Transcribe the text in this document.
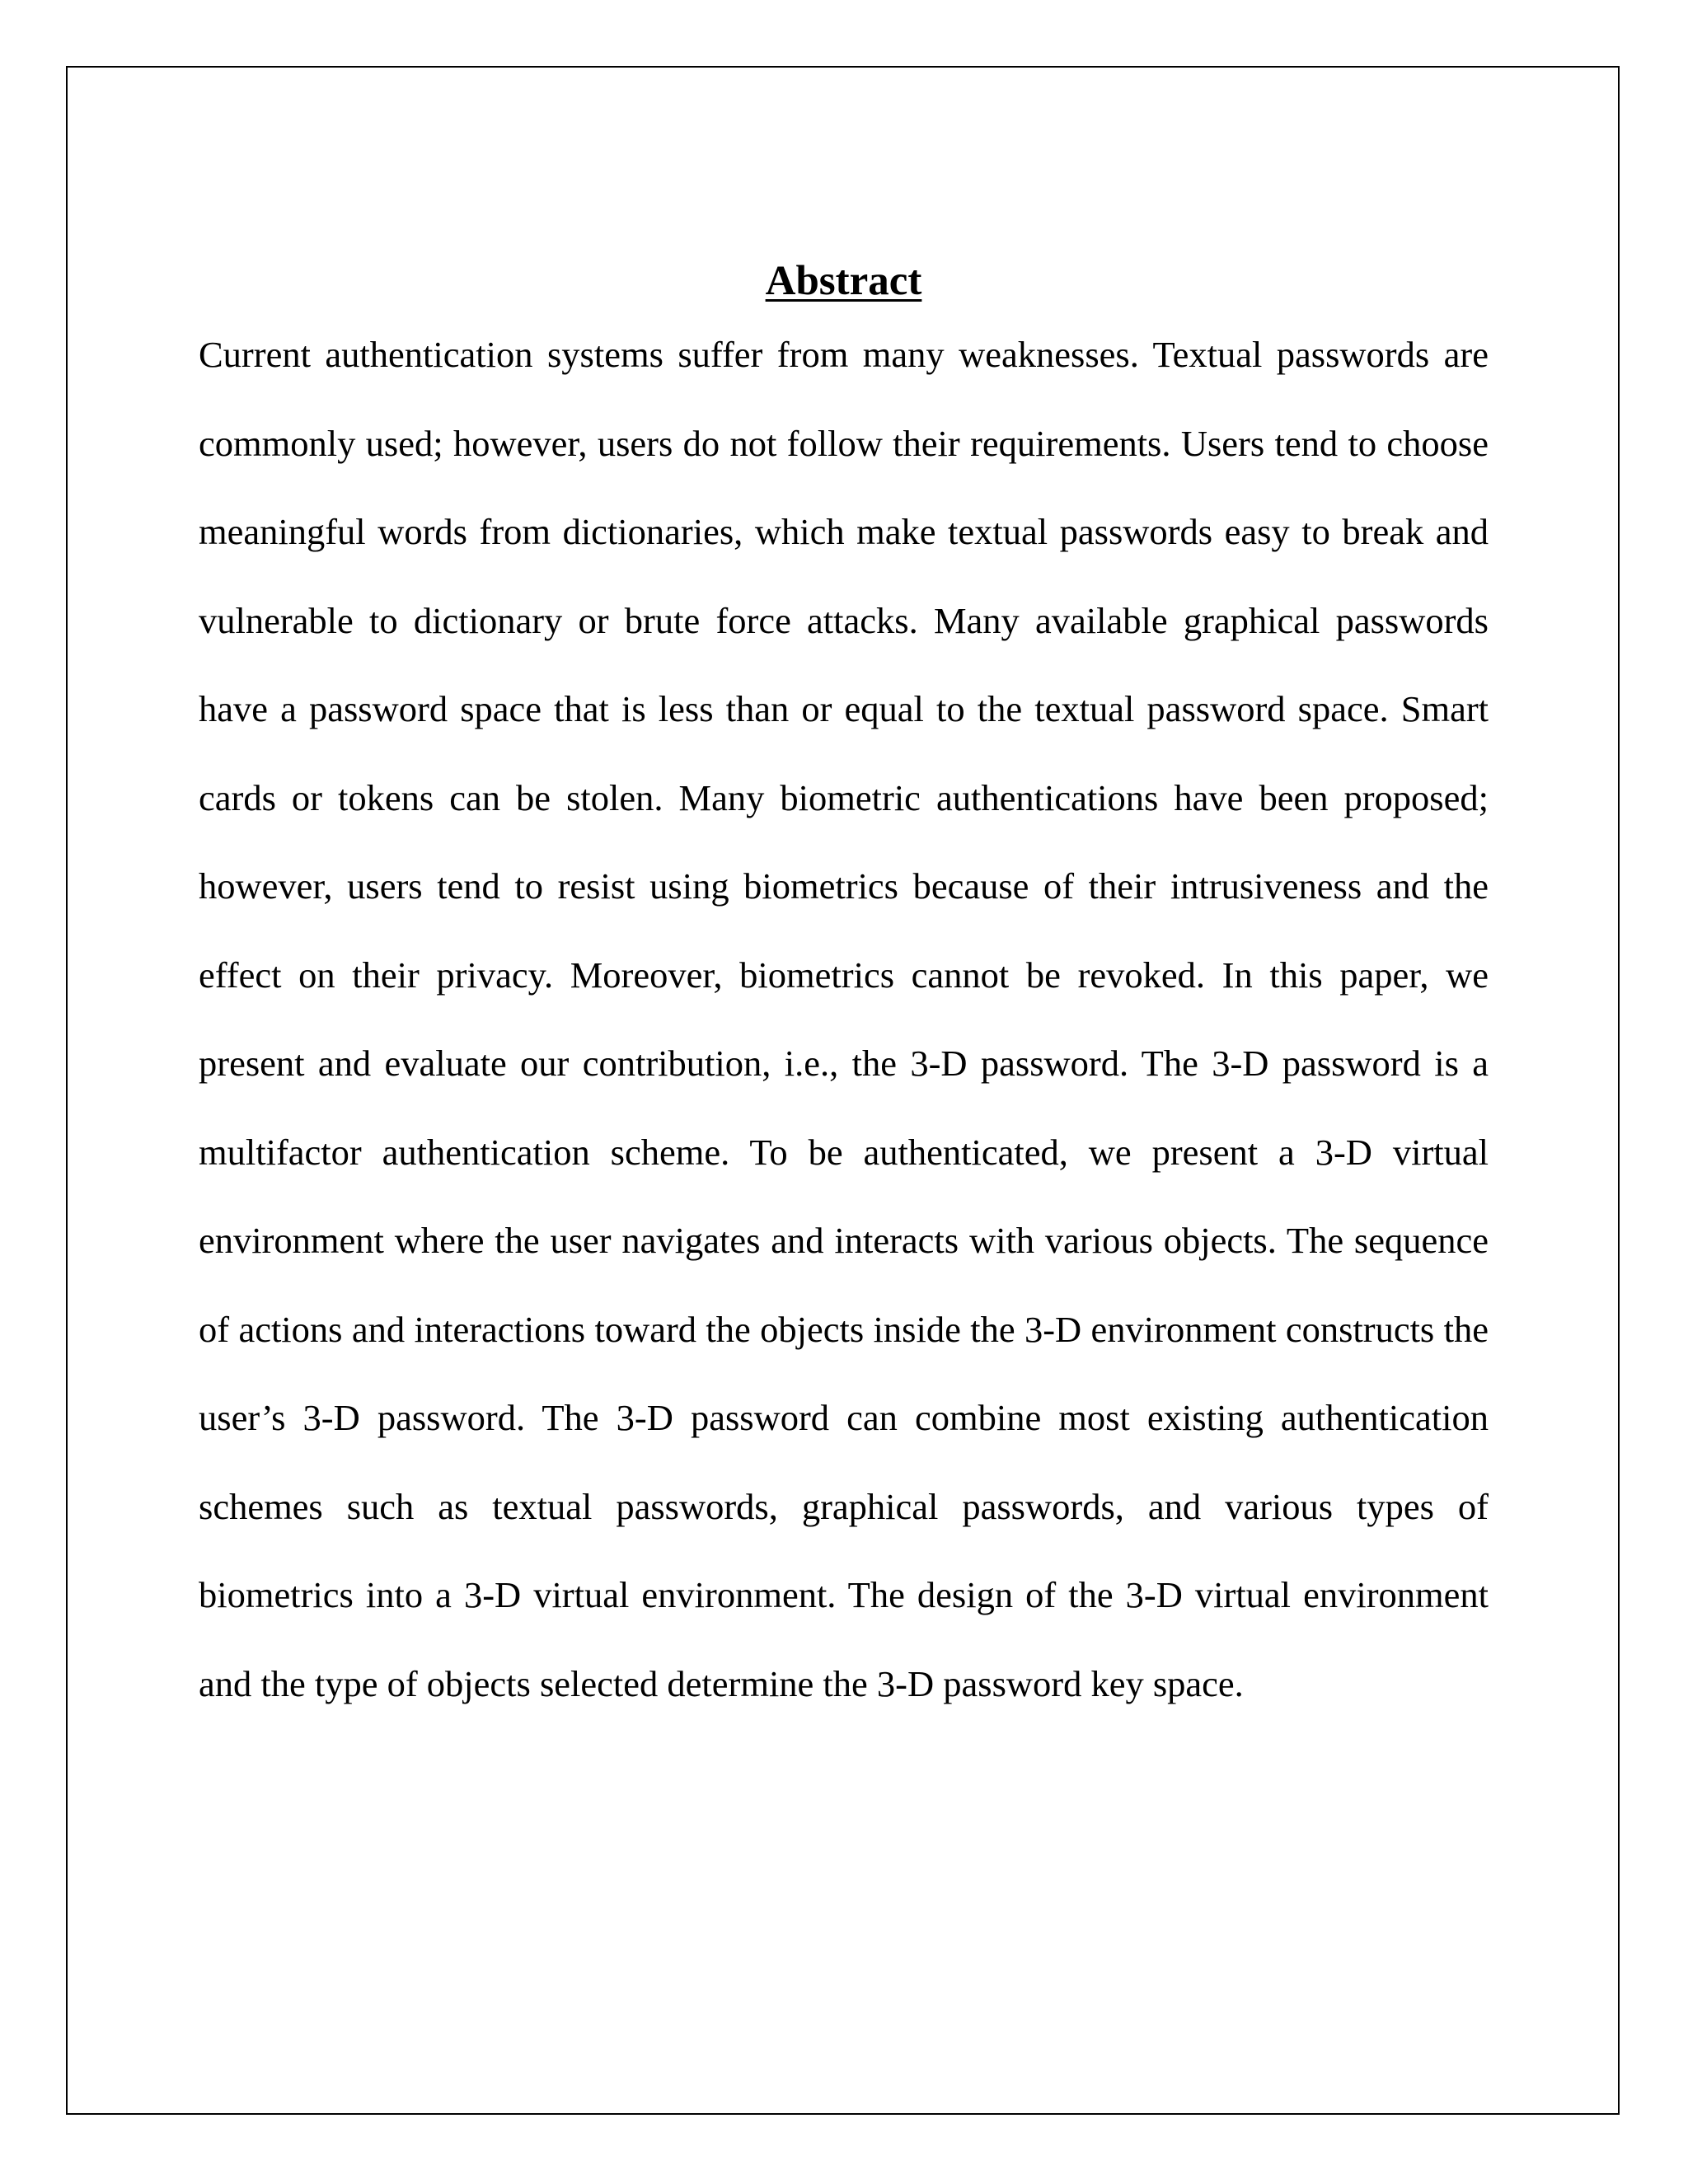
Abstract

Current authentication systems suffer from many weaknesses. Textual passwords are commonly used; however, users do not follow their requirements. Users tend to choose meaningful words from dictionaries, which make textual passwords easy to break and vulnerable to dictionary or brute force attacks. Many available graphical passwords have a password space that is less than or equal to the textual password space. Smart cards or tokens can be stolen. Many biometric authentications have been proposed; however, users tend to resist using biometrics because of their intrusiveness and the effect on their privacy. Moreover, biometrics cannot be revoked. In this paper, we present and evaluate our contribution, i.e., the 3-D password. The 3-D password is a multifactor authentication scheme. To be authenticated, we present a 3-D virtual environment where the user navigates and interacts with various objects. The sequence of actions and interactions toward the objects inside the 3-D environment constructs the user’s 3-D password. The 3-D password can combine most existing authentication schemes such as textual passwords, graphical passwords, and various types of biometrics into a 3-D virtual environment. The design of the 3-D virtual environment and the type of objects selected determine the 3-D password key space.
